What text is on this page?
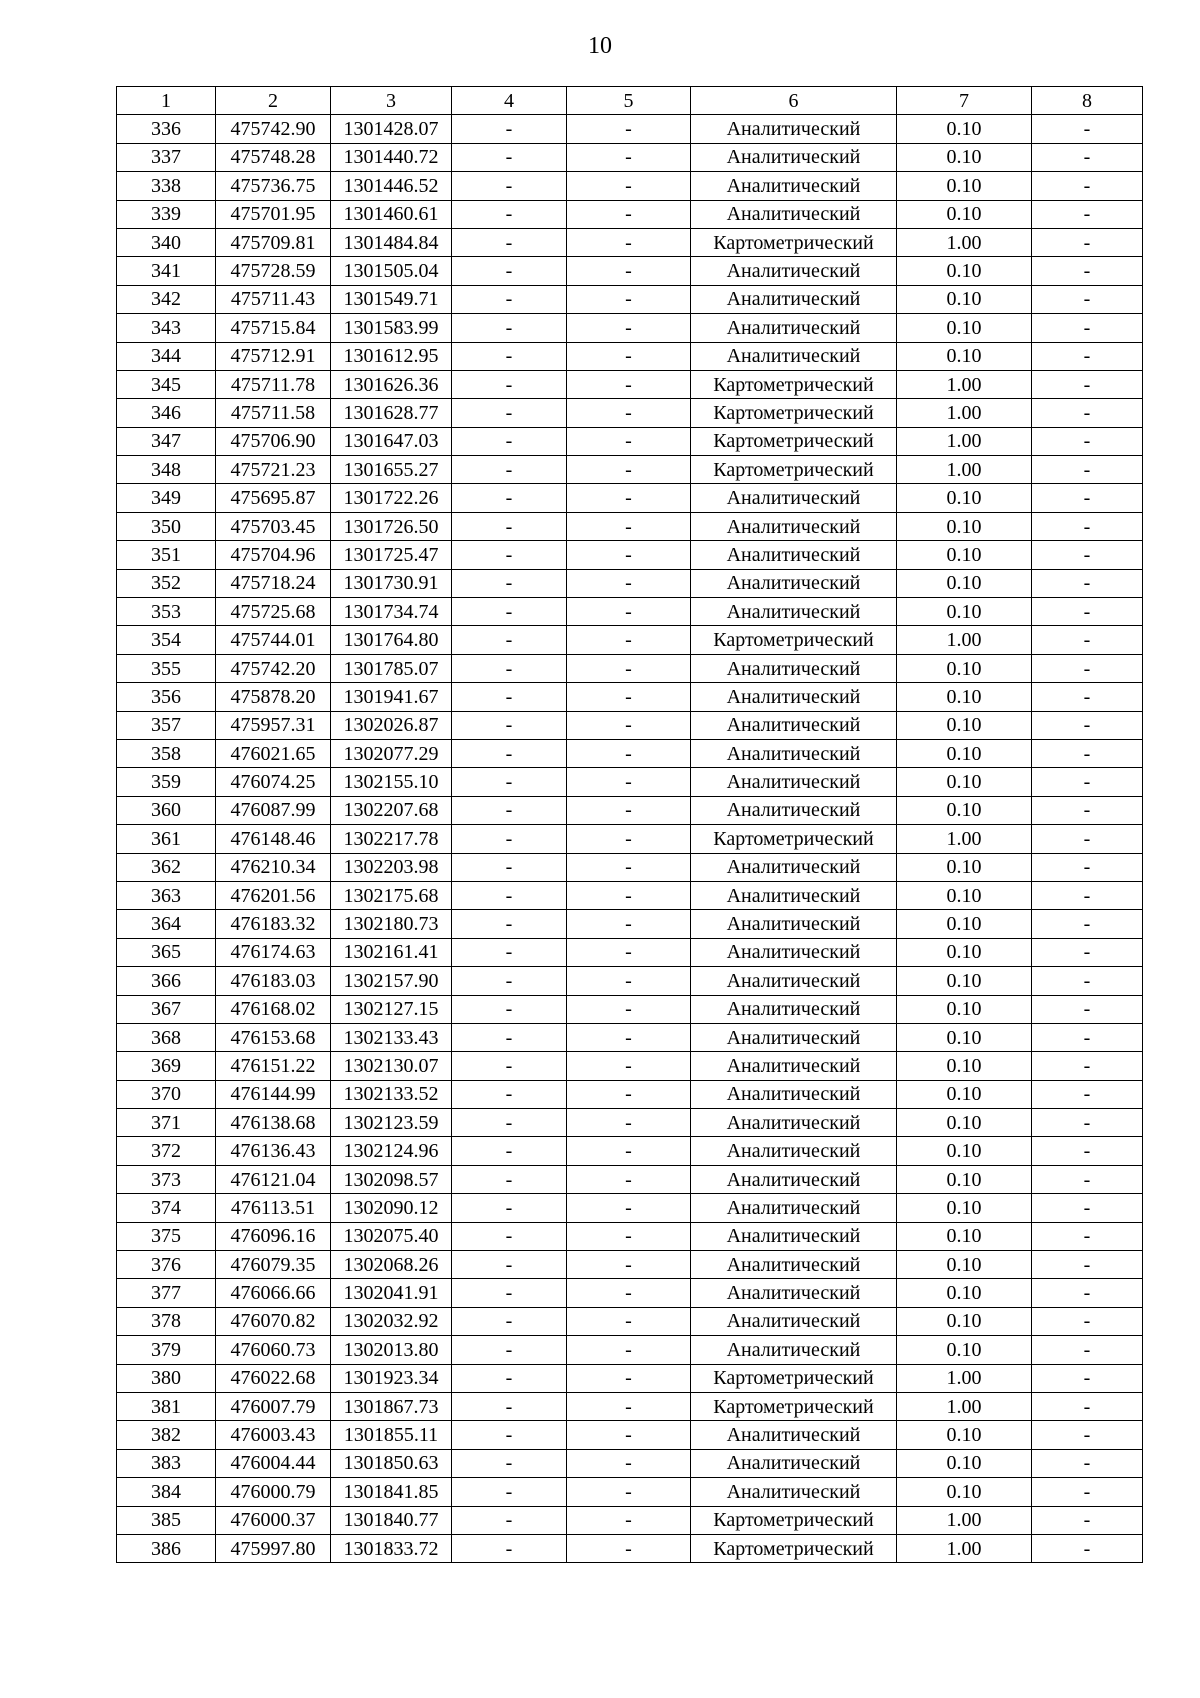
10
1	2	3	4	5	6	7	8
336	475742.90	1301428.07	-	-	Аналитический	0.10	-
337	475748.28	1301440.72	-	-	Аналитический	0.10	-
338	475736.75	1301446.52	-	-	Аналитический	0.10	-
339	475701.95	1301460.61	-	-	Аналитический	0.10	-
340	475709.81	1301484.84	-	-	Картометрический	1.00	-
341	475728.59	1301505.04	-	-	Аналитический	0.10	-
342	475711.43	1301549.71	-	-	Аналитический	0.10	-
343	475715.84	1301583.99	-	-	Аналитический	0.10	-
344	475712.91	1301612.95	-	-	Аналитический	0.10	-
345	475711.78	1301626.36	-	-	Картометрический	1.00	-
346	475711.58	1301628.77	-	-	Картометрический	1.00	-
347	475706.90	1301647.03	-	-	Картометрический	1.00	-
348	475721.23	1301655.27	-	-	Картометрический	1.00	-
349	475695.87	1301722.26	-	-	Аналитический	0.10	-
350	475703.45	1301726.50	-	-	Аналитический	0.10	-
351	475704.96	1301725.47	-	-	Аналитический	0.10	-
352	475718.24	1301730.91	-	-	Аналитический	0.10	-
353	475725.68	1301734.74	-	-	Аналитический	0.10	-
354	475744.01	1301764.80	-	-	Картометрический	1.00	-
355	475742.20	1301785.07	-	-	Аналитический	0.10	-
356	475878.20	1301941.67	-	-	Аналитический	0.10	-
357	475957.31	1302026.87	-	-	Аналитический	0.10	-
358	476021.65	1302077.29	-	-	Аналитический	0.10	-
359	476074.25	1302155.10	-	-	Аналитический	0.10	-
360	476087.99	1302207.68	-	-	Аналитический	0.10	-
361	476148.46	1302217.78	-	-	Картометрический	1.00	-
362	476210.34	1302203.98	-	-	Аналитический	0.10	-
363	476201.56	1302175.68	-	-	Аналитический	0.10	-
364	476183.32	1302180.73	-	-	Аналитический	0.10	-
365	476174.63	1302161.41	-	-	Аналитический	0.10	-
366	476183.03	1302157.90	-	-	Аналитический	0.10	-
367	476168.02	1302127.15	-	-	Аналитический	0.10	-
368	476153.68	1302133.43	-	-	Аналитический	0.10	-
369	476151.22	1302130.07	-	-	Аналитический	0.10	-
370	476144.99	1302133.52	-	-	Аналитический	0.10	-
371	476138.68	1302123.59	-	-	Аналитический	0.10	-
372	476136.43	1302124.96	-	-	Аналитический	0.10	-
373	476121.04	1302098.57	-	-	Аналитический	0.10	-
374	476113.51	1302090.12	-	-	Аналитический	0.10	-
375	476096.16	1302075.40	-	-	Аналитический	0.10	-
376	476079.35	1302068.26	-	-	Аналитический	0.10	-
377	476066.66	1302041.91	-	-	Аналитический	0.10	-
378	476070.82	1302032.92	-	-	Аналитический	0.10	-
379	476060.73	1302013.80	-	-	Аналитический	0.10	-
380	476022.68	1301923.34	-	-	Картометрический	1.00	-
381	476007.79	1301867.73	-	-	Картометрический	1.00	-
382	476003.43	1301855.11	-	-	Аналитический	0.10	-
383	476004.44	1301850.63	-	-	Аналитический	0.10	-
384	476000.79	1301841.85	-	-	Аналитический	0.10	-
385	476000.37	1301840.77	-	-	Картометрический	1.00	-
386	475997.80	1301833.72	-	-	Картометрический	1.00	-
